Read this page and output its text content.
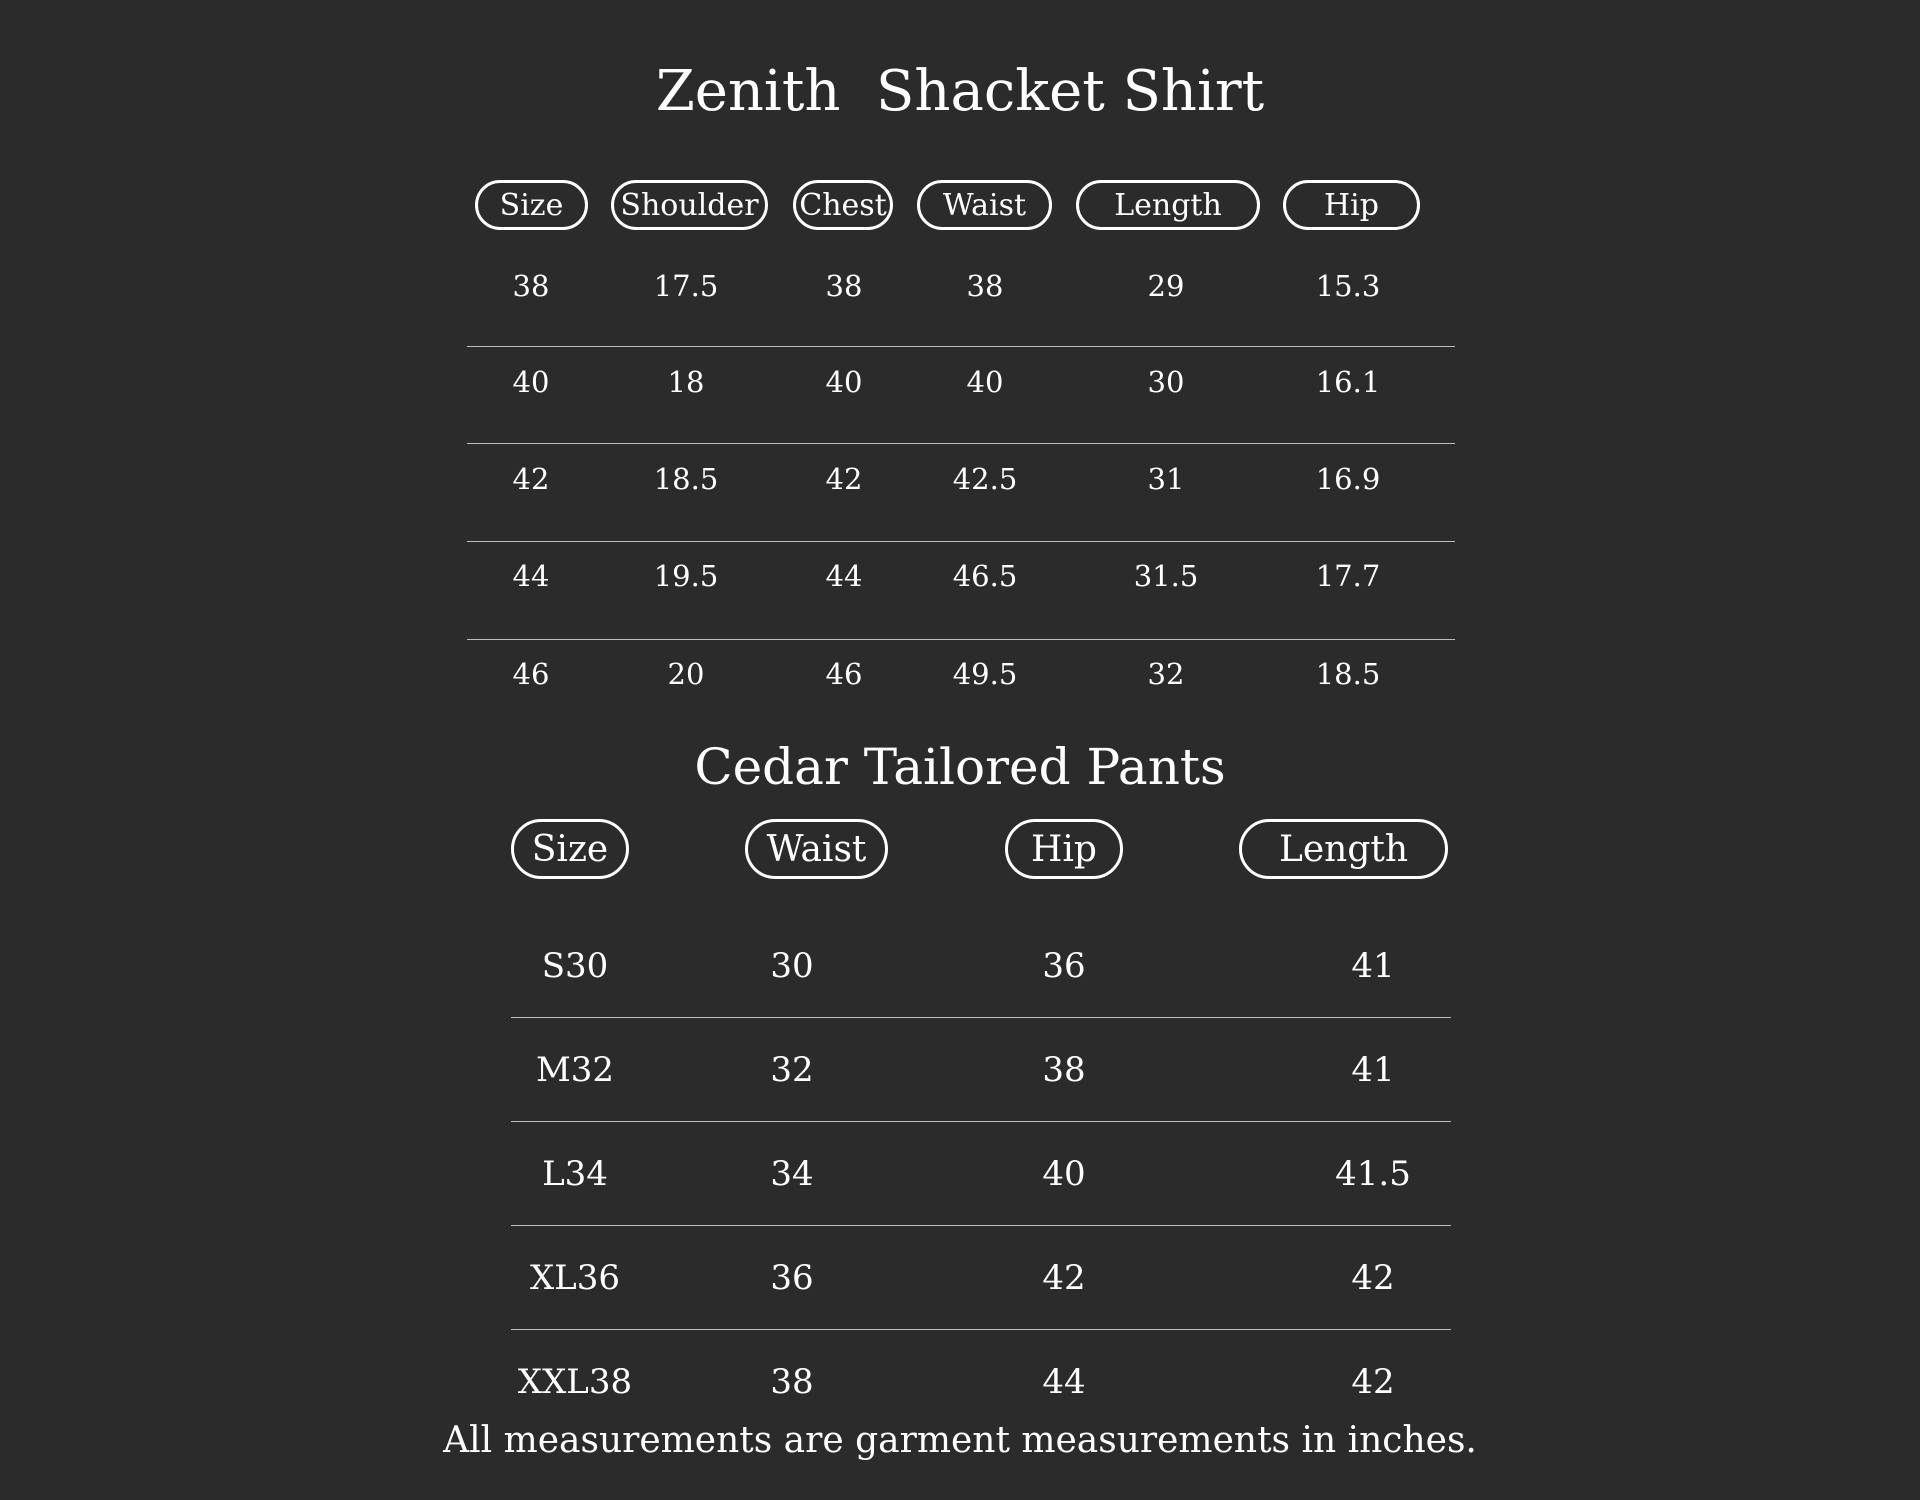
Zenith  Shacket Shirt
Cedar Tailored Pants
Size	Shoulder	Chest	Waist	Length	Hip
38	17.5	38	38	29	15.3
40	18	40	40	30	16.1
42	18.5	42	42.5	31	16.9
44	19.5	44	46.5	31.5	17.7
46	20	46	49.5	32	18.5
Size	Waist	Hip	Length
S30	30	36	41
M32	32	38	41
L34	34	40	41.5
XL36	36	42	42
XXL38	38	44	42
All measurements are garment measurements in inches.
